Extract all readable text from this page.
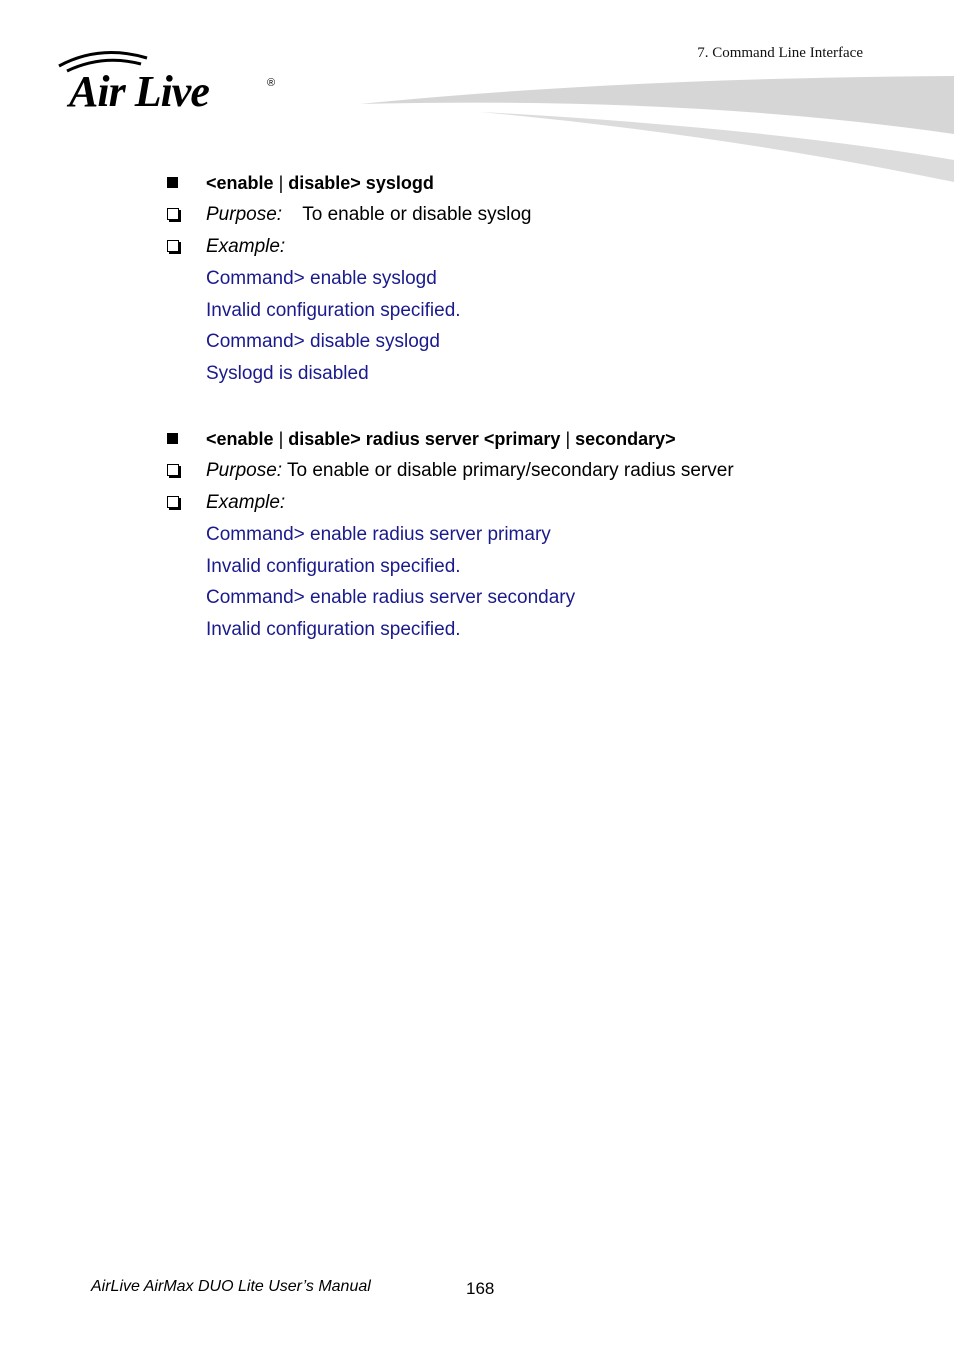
7. Command Line Interface
Air Live	®
<enable | disable> syslogd
Purpose: To enable or disable syslog
Example:
Command> enable syslogd
Invalid configuration specified.
Command> disable syslogd
Syslogd is disabled
<enable | disable> radius server <primary | secondary>
Purpose: To enable or disable primary/secondary radius server
Example:
Command> enable radius server primary
Invalid configuration specified.
Command> enable radius server secondary
Invalid configuration specified.
AirLive AirMax DUO Lite User’s Manual	168
